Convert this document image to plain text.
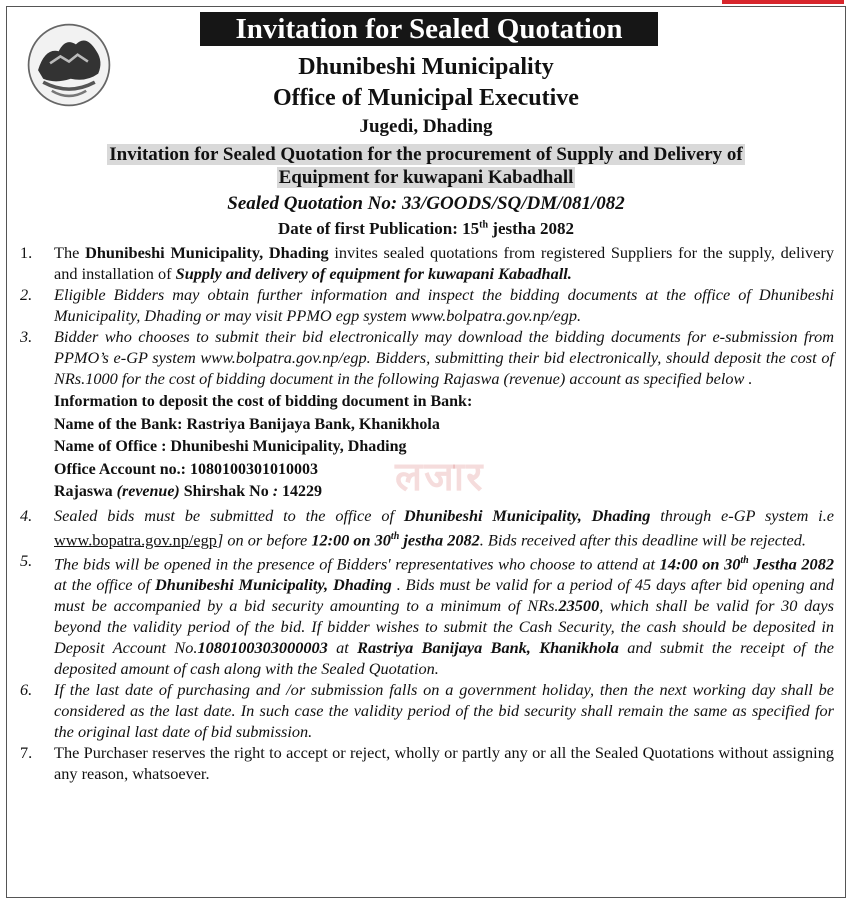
Invitation for Sealed Quotation
Dhunibeshi Municipality
Office of Municipal Executive
Jugedi, Dhading
Invitation for Sealed Quotation for the procurement of Supply and Delivery of
Equipment for kuwapani Kabadhall
Sealed Quotation No: 33/GOODS/SQ/DM/081/082
Date of first Publication: 15th jestha 2082
लजार
1. The Dhunibeshi Municipality, Dhading invites sealed quotations from registered Suppliers for the supply, delivery and installation of Supply and delivery of equipment for kuwapani Kabadhall.
2. Eligible Bidders may obtain further information and inspect the bidding documents at the office of Dhunibeshi Municipality, Dhading or may visit PPMO egp system www.bolpatra.gov.np/egp.
3. Bidder who chooses to submit their bid electronically may download the bidding documents for e-submission from PPMO’s e-GP system www.bolpatra.gov.np/egp. Bidders, submitting their bid electronically, should deposit the cost of NRs.1000 for the cost of bidding document in the following Rajaswa (revenue) account as specified below .
Information to deposit the cost of bidding document in Bank:
Name of the Bank: Rastriya Banijaya Bank, Khanikhola
Name of Office : Dhunibeshi Municipality, Dhading
Office Account no.: 1080100301010003
Rajaswa (revenue) Shirshak No : 14229
4. Sealed bids must be submitted to the office of Dhunibeshi Municipality, Dhading through e-GP system i.e www.bopatra.gov.np/egp] on or before 12:00 on 30th jestha 2082. Bids received after this deadline will be rejected.
5. The bids will be opened in the presence of Bidders' representatives who choose to attend at 14:00 on 30th Jestha 2082 at the office of Dhunibeshi Municipality, Dhading . Bids must be valid for a period of 45 days after bid opening and must be accompanied by a bid security amounting to a minimum of NRs.23500, which shall be valid for 30 days beyond the validity period of the bid. If bidder wishes to submit the Cash Security, the cash should be deposited in Deposit Account No.1080100303000003 at Rastriya Banijaya Bank, Khanikhola and submit the receipt of the deposited amount of cash along with the Sealed Quotation.
6. If the last date of purchasing and /or submission falls on a government holiday, then the next working day shall be considered as the last date. In such case the validity period of the bid security shall remain the same as specified for the original last date of bid submission.
7. The Purchaser reserves the right to accept or reject, wholly or partly any or all the Sealed Quotations without assigning any reason, whatsoever.
